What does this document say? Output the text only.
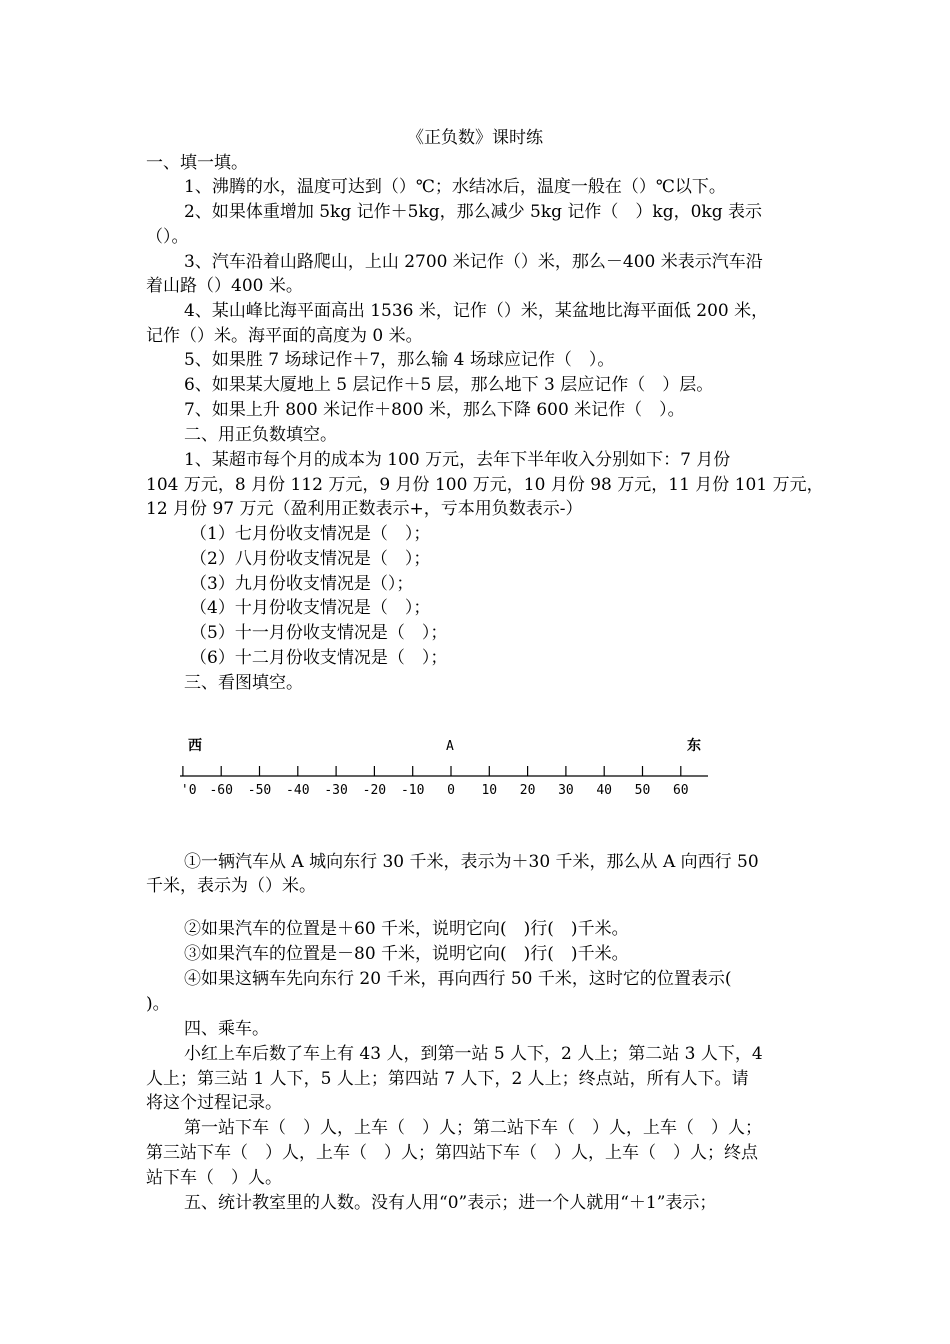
《正负数》课时练
一、填一填。
1、沸腾的水，温度可达到（）℃；水结冰后，温度一般在（）℃以下。
2、如果体重增加 5kg 记作＋5kg，那么减少 5kg 记作（　）kg，0kg 表示
（）。
3、汽车沿着山路爬山，上山 2700 米记作（）米，那么－400 米表示汽车沿
着山路（）400 米。
4、某山峰比海平面高出 1536 米，记作（）米，某盆地比海平面低 200 米，
记作（）米。海平面的高度为 0 米。
5、如果胜 7 场球记作＋7，那么输 4 场球应记作（　）。
6、如果某大厦地上 5 层记作＋5 层，那么地下 3 层应记作（　）层。
7、如果上升 800 米记作＋800 米，那么下降 600 米记作（　）。
二、用正负数填空。
1、某超市每个月的成本为 100 万元，去年下半年收入分别如下：7 月份
104 万元，8 月份 112 万元，9 月份 100 万元，10 月份 98 万元，11 月份 101 万元，
12 月份 97 万元（盈利用正数表示+，亏本用负数表示-）
（1）七月份收支情况是（　）；
（2）八月份收支情况是（　）；
（3）九月份收支情况是（）；
（4）十月份收支情况是（　）；
（5）十一月份收支情况是（　）；
（6）十二月份收支情况是（　）；
三、看图填空。
西	A	东
'0 -60 -50 -40 -30 -20 -10 0 10 20 30 40 50 60
①一辆汽车从 A 城向东行 30 千米，表示为＋30 千米，那么从 A 向西行 50
千米，表示为（）米。
②如果汽车的位置是＋60 千米，说明它向(　)行(　)千米。
③如果汽车的位置是－80 千米，说明它向(　)行(　)千米。
④如果这辆车先向东行 20 千米，再向西行 50 千米，这时它的位置表示(
)。
四、乘车。
小红上车后数了车上有 43 人，到第一站 5 人下，2 人上；第二站 3 人下，4
人上；第三站 1 人下，5 人上；第四站 7 人下，2 人上；终点站，所有人下。请
将这个过程记录。
第一站下车（　）人，上车（　）人；第二站下车（　）人，上车（　）人；
第三站下车（　）人，上车（　）人；第四站下车（　）人，上车（　）人；终点
站下车（　）人。
五、统计教室里的人数。没有人用“0”表示；进一个人就用“＋1”表示；
